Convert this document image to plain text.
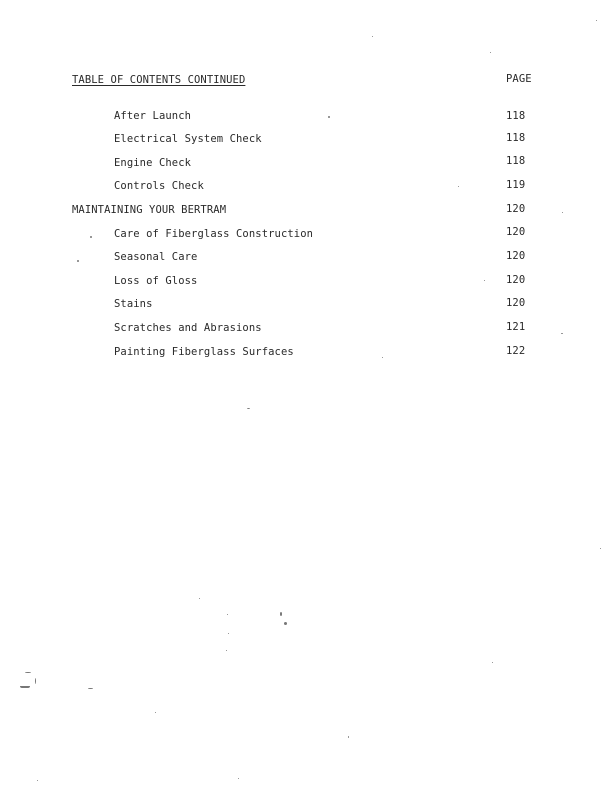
TABLE OF CONTENTS CONTINUED	PAGE
After Launch	118
Electrical System Check	118
Engine Check	118
Controls Check	119
MAINTAINING YOUR BERTRAM	120
Care of Fiberglass Construction	120
Seasonal Care	120
Loss of Gloss	120
Stains	120
Scratches and Abrasions	121
Painting Fiberglass Surfaces	122
